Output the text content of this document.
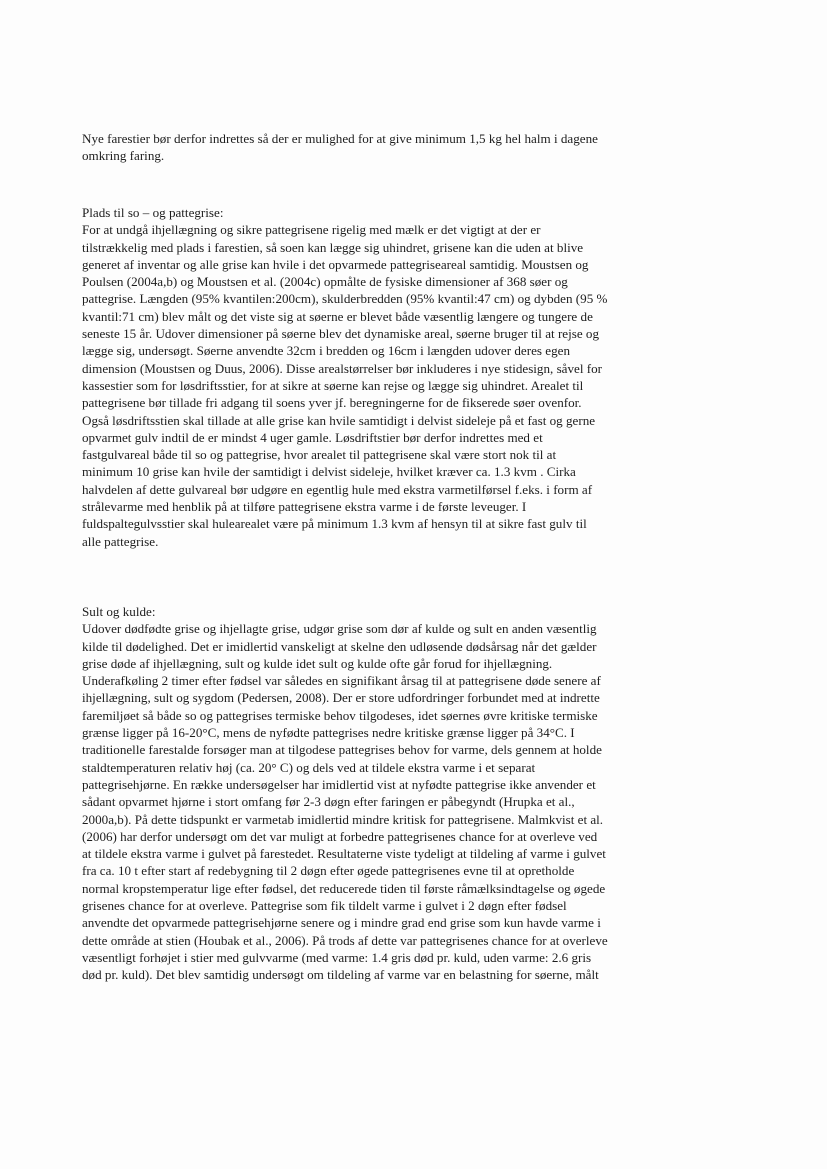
Nye farestier bør derfor indrettes så der er mulighed for at give minimum 1,5 kg hel halm i dagene
omkring faring.
Plads til so – og pattegrise:
For at undgå ihjellægning og sikre pattegrisene rigelig med mælk er det vigtigt at der er
tilstrækkelig med plads i farestien, så soen kan lægge sig uhindret, grisene kan die uden at blive
generet af inventar og alle grise kan hvile i det opvarmede pattegriseareal samtidig. Moustsen og
Poulsen (2004a,b) og Moustsen et al. (2004c) opmålte de fysiske dimensioner af 368 søer og
pattegrise. Længden (95% kvantilen:200cm), skulderbredden (95% kvantil:47 cm) og dybden (95 %
kvantil:71 cm) blev målt og det viste sig at søerne er blevet både væsentlig længere og tungere de
seneste 15 år. Udover dimensioner på søerne blev det dynamiske areal, søerne bruger til at rejse og
lægge sig, undersøgt. Søerne anvendte 32cm i bredden og 16cm i længden udover deres egen
dimension (Moustsen og Duus, 2006). Disse arealstørrelser bør inkluderes i nye stidesign, såvel for
kassestier som for løsdriftsstier, for at sikre at søerne kan rejse og lægge sig uhindret. Arealet til
pattegrisene bør tillade fri adgang til soens yver jf. beregningerne for de fikserede søer ovenfor.
Også løsdriftsstien skal tillade at alle grise kan hvile samtidigt i delvist sideleje på et fast og gerne
opvarmet gulv indtil de er mindst 4 uger gamle. Løsdriftstier bør derfor indrettes med et
fastgulvareal både til so og pattegrise, hvor arealet til pattegrisene skal være stort nok til at
minimum 10 grise kan hvile der samtidigt i delvist sideleje, hvilket kræver ca. 1.3 kvm . Cirka
halvdelen af dette gulvareal bør udgøre en egentlig hule med ekstra varmetilførsel f.eks. i form af
strålevarme med henblik på at tilføre pattegrisene ekstra varme i de første leveuger. I
fuldspaltegulvsstier skal hulearealet være på minimum 1.3 kvm af hensyn til at sikre fast gulv til
alle pattegrise.
Sult og kulde:
Udover dødfødte grise og ihjellagte grise, udgør grise som dør af kulde og sult en anden væsentlig
kilde til dødelighed. Det er imidlertid vanskeligt at skelne den udløsende dødsårsag når det gælder
grise døde af ihjellægning, sult og kulde idet sult og kulde ofte går forud for ihjellægning.
Underafkøling 2 timer efter fødsel var således en signifikant årsag til at pattegrisene døde senere af
ihjellægning, sult og sygdom (Pedersen, 2008). Der er store udfordringer forbundet med at indrette
faremiljøet så både so og pattegrises termiske behov tilgodeses, idet søernes øvre kritiske termiske
grænse ligger på 16-20°C, mens de nyfødte pattegrises nedre kritiske grænse ligger på 34°C. I
traditionelle farestalde forsøger man at tilgodese pattegrises behov for varme, dels gennem at holde
staldtemperaturen relativ høj (ca. 20° C) og dels ved at tildele ekstra varme i et separat
pattegrisehjørne. En række undersøgelser har imidlertid vist at nyfødte pattegrise ikke anvender et
sådant opvarmet hjørne i stort omfang før 2-3 døgn efter faringen er påbegyndt (Hrupka et al.,
2000a,b). På dette tidspunkt er varmetab imidlertid mindre kritisk for pattegrisene. Malmkvist et al.
(2006) har derfor undersøgt om det var muligt at forbedre pattegrisenes chance for at overleve ved
at tildele ekstra varme i gulvet på farestedet. Resultaterne viste tydeligt at tildeling af varme i gulvet
fra ca. 10 t efter start af redebygning til 2 døgn efter øgede pattegrisenes evne til at opretholde
normal kropstemperatur lige efter fødsel, det reducerede tiden til første råmælksindtagelse og øgede
grisenes chance for at overleve. Pattegrise som fik tildelt varme i gulvet i 2 døgn efter fødsel
anvendte det opvarmede pattegrisehjørne senere og i mindre grad end grise som kun havde varme i
dette område at stien (Houbak et al., 2006). På trods af dette var pattegrisenes chance for at overleve
væsentligt forhøjet i stier med gulvvarme (med varme: 1.4 gris død pr. kuld, uden varme: 2.6 gris
død pr. kuld). Det blev samtidig undersøgt om tildeling af varme var en belastning for søerne, målt
